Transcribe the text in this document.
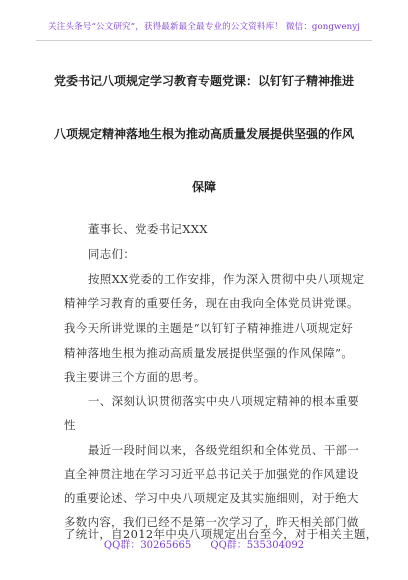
关注头条号“公文研究”，获得最新最全最专业的公文资料库！ 微信：gongwenyj
党委书记八项规定学习教育专题党课：以钉钉子精神推进
八项规定精神落地生根为推动高质量发展提供坚强的作风
保障
董事长、党委书记XXX
同志们：
按照XX党委的工作安排，作为深入贯彻中央八项规定
精神学习教育的重要任务，现在由我向全体党员讲党课。
我今天所讲党课的主题是“以钉钉子精神推进八项规定好
精神落地生根为推动高质量发展提供坚强的作风保障”。
我主要讲三个方面的思考。
一、深刻认识贯彻落实中央八项规定精神的根本重要
性
最近一段时间以来，各级党组织和全体党员、干部一
直全神贯注地在学习习近平总书记关于加强党的作风建设
的重要论述、学习中央八项规定及其实施细则，对于绝大
多数内容，我们已经不是第一次学习了，昨天相关部门做
QQ群：30265665 QQ群：535304092
了统计，自2012年中央八项规定出台至今，对于相关主题，
